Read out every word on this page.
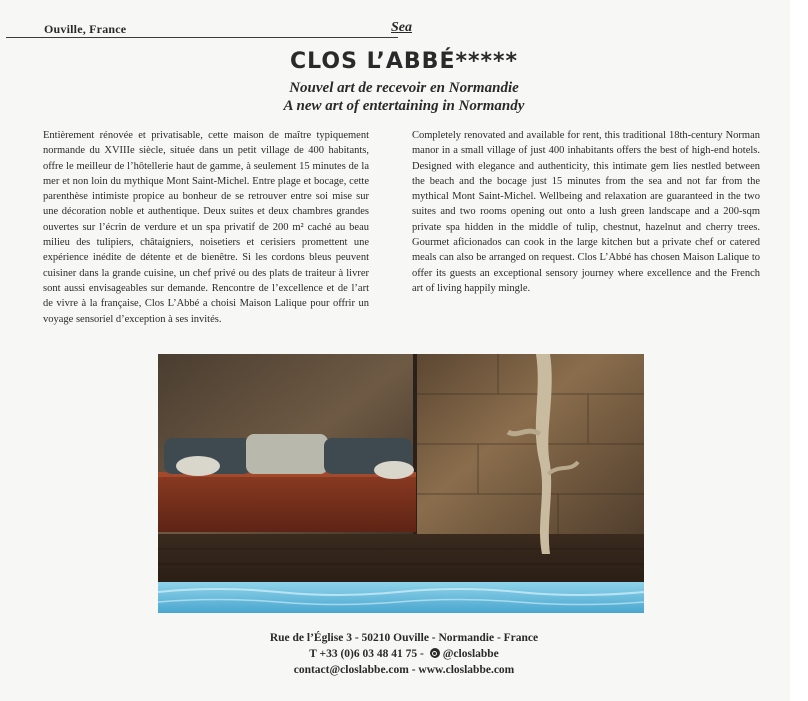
Ouville, France	Sea
CLOS L’ABBÉ*****
Nouvel art de recevoir en Normandie
A new art of entertaining in Normandy
Entièrement rénovée et privatisable, cette maison de maître typiquement normande du XVIIIe siècle, située dans un petit village de 400 habitants, offre le meilleur de l’hôtellerie haut de gamme, à seulement 15 minutes de la mer et non loin du mythique Mont Saint-Michel. Entre plage et bocage, cette parenthèse intimiste propice au bonheur de se retrouver entre soi mise sur une décoration noble et authentique. Deux suites et deux chambres grandes ouvertes sur l’écrin de verdure et un spa privatif de 200 m² caché au beau milieu des tulipiers, châtaigniers, noisetiers et cerisiers promettent une expérience inédite de détente et de bienêtre. Si les cordons bleus peuvent cuisiner dans la grande cuisine, un chef privé ou des plats de traiteur à livrer sont aussi envisageables sur demande. Rencontre de l’excellence et de l’art de vivre à la française, Clos L’Abbé a choisi Maison Lalique pour offrir un voyage sensoriel d’exception à ses invités.
Completely renovated and available for rent, this traditional 18th-century Norman manor in a small village of just 400 inhabitants offers the best of high-end hotels. Designed with elegance and authenticity, this intimate gem lies nestled between the beach and the bocage just 15 minutes from the sea and not far from the mythical Mont Saint-Michel. Wellbeing and relaxation are guaranteed in the two suites and two rooms opening out onto a lush green landscape and a 200-sqm private spa hidden in the middle of tulip, chestnut, hazelnut and cherry trees. Gourmet aficionados can cook in the large kitchen but a private chef or catered meals can also be arranged on request. Clos L’Abbé has chosen Maison Lalique to offer its guests an exceptional sensory journey where excellence and the French art of living happily mingle.
Rue de l’Église 3 - 50210 Ouville - Normandie - France
T +33 (0)6 03 48 41 75 - @closlabbe
contact@closlabbe.com - www.closlabbe.com
